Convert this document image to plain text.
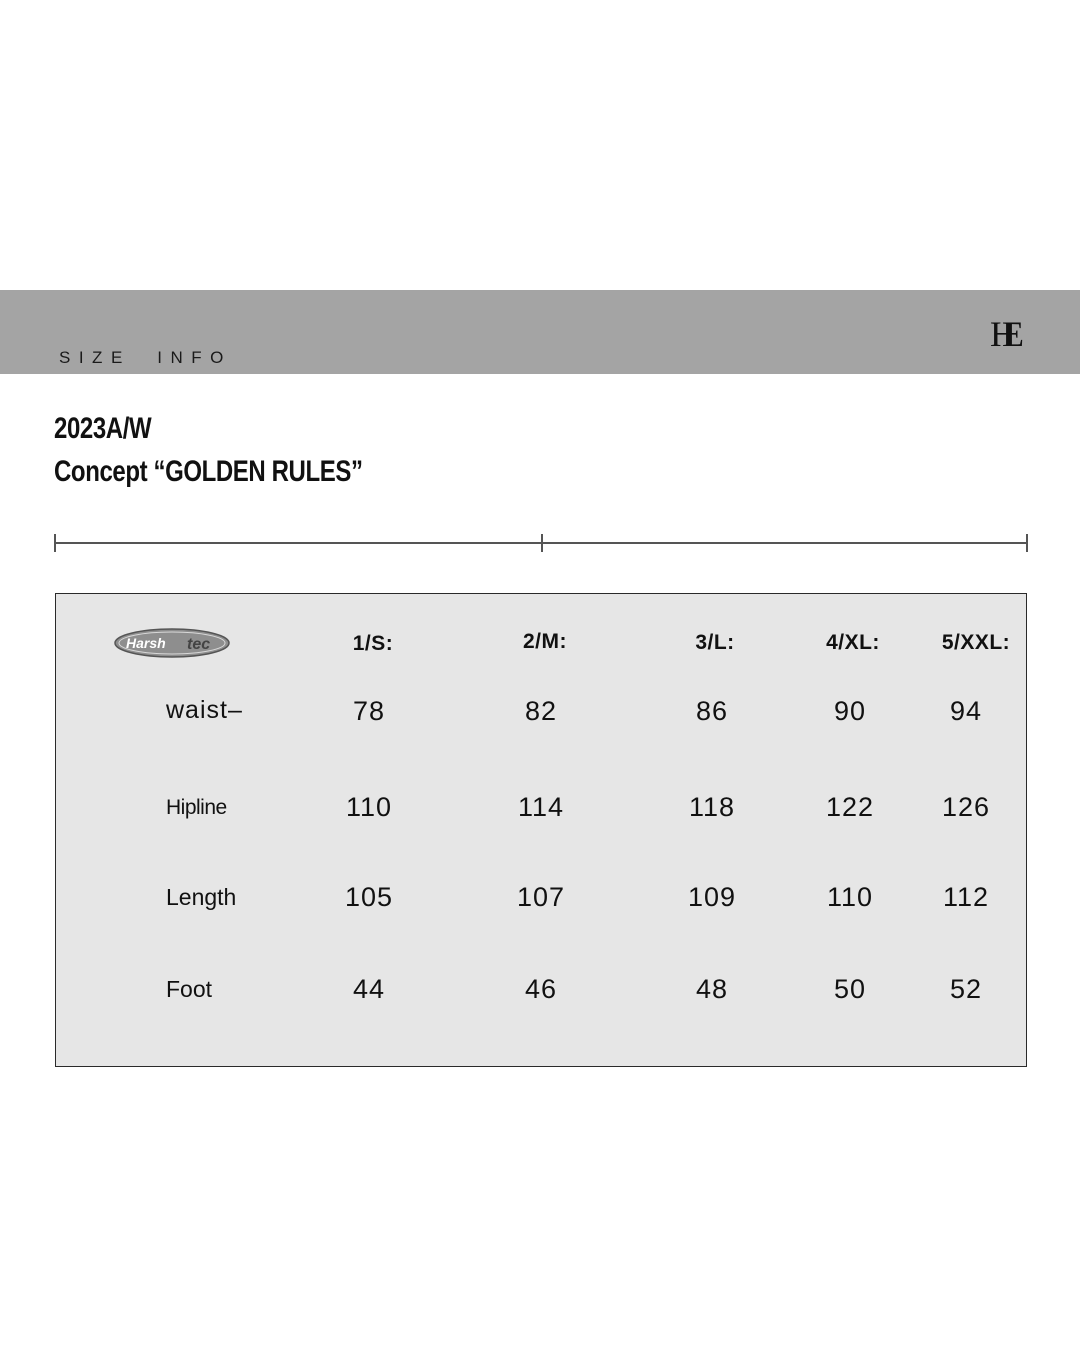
SIZE  INFO
HE
2023A/W
Concept “GOLDEN RULES”
Harsh tec	1/S:	2/M:	3/L:	4/XL:	5/XXL:
waist–	78	82	86	90	94
Hipline	110	114	118	122	126
Length	105	107	109	110	112
Foot	44	46	48	50	52
